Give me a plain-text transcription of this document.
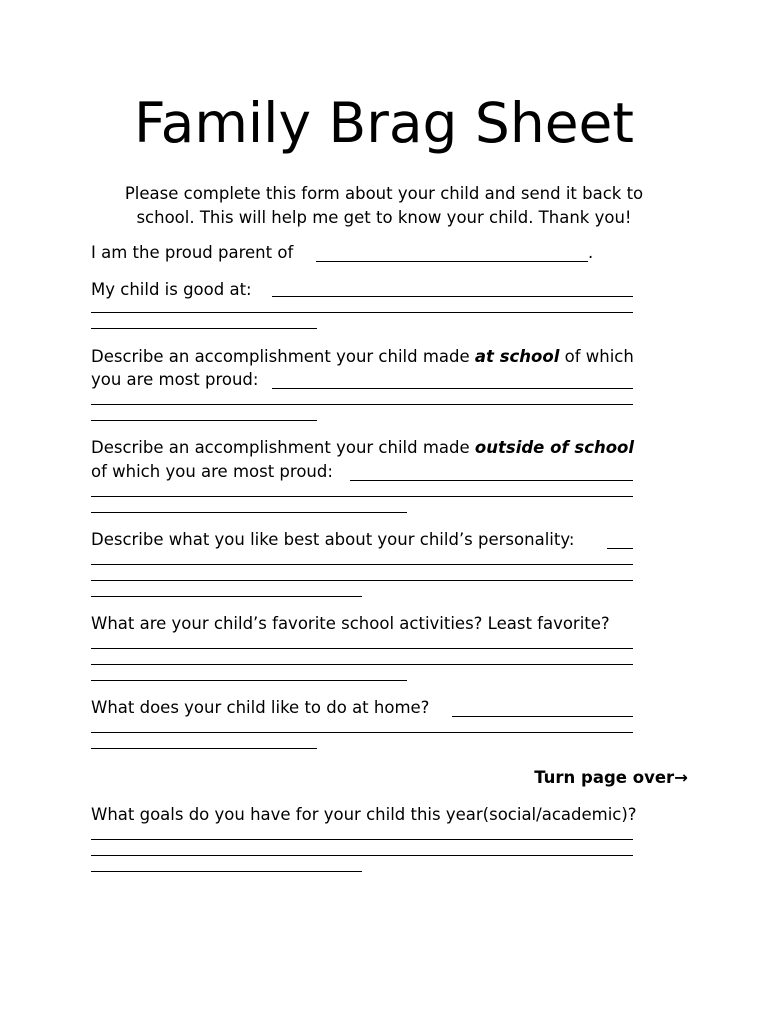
Family Brag Sheet
Please complete this form about your child and send it back to
school. This will help me get to know your child. Thank you!
I am the proud parent of	.
My child is good at:
Describe an accomplishment your child made at school of which
you are most proud:
Describe an accomplishment your child made outside of school
of which you are most proud:
Describe what you like best about your child’s personality:
What are your child’s favorite school activities? Least favorite?
What does your child like to do at home?
Turn page over→
What goals do you have for your child this year(social/academic)?
